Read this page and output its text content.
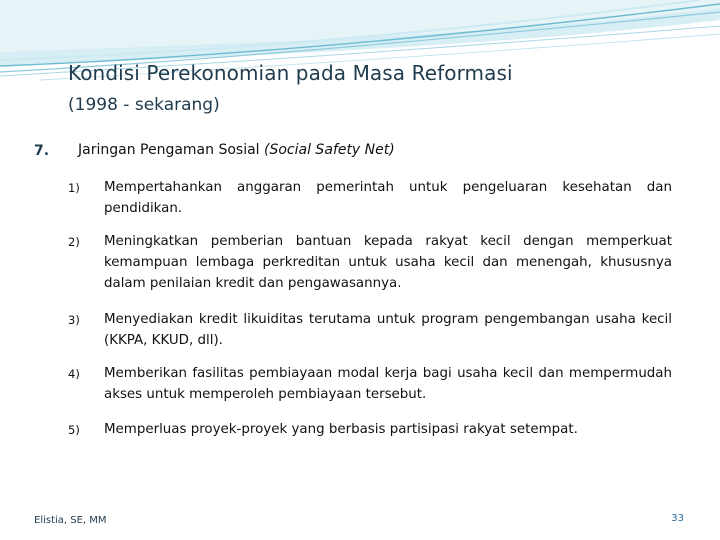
Kondisi Perekonomian pada Masa Reformasi
(1998 - sekarang)
7. Jaringan Pengaman Sosial (Social Safety Net)
1)	Mempertahankan anggaran pemerintah untuk pengeluaran kesehatan dan pendidikan.
2)	Meningkatkan pemberian bantuan kepada rakyat kecil dengan memperkuat kemampuan lembaga perkreditan untuk usaha kecil dan menengah, khususnya dalam penilaian kredit dan pengawasannya.
3)	Menyediakan kredit likuiditas terutama untuk program pengembangan usaha kecil (KKPA, KKUD, dll).
4)	Memberikan fasilitas pembiayaan modal kerja bagi usaha kecil dan mempermudah akses untuk memperoleh pembiayaan tersebut.
5)	Memperluas proyek-proyek yang berbasis partisipasi rakyat setempat.
Elistia, SE, MM	33
